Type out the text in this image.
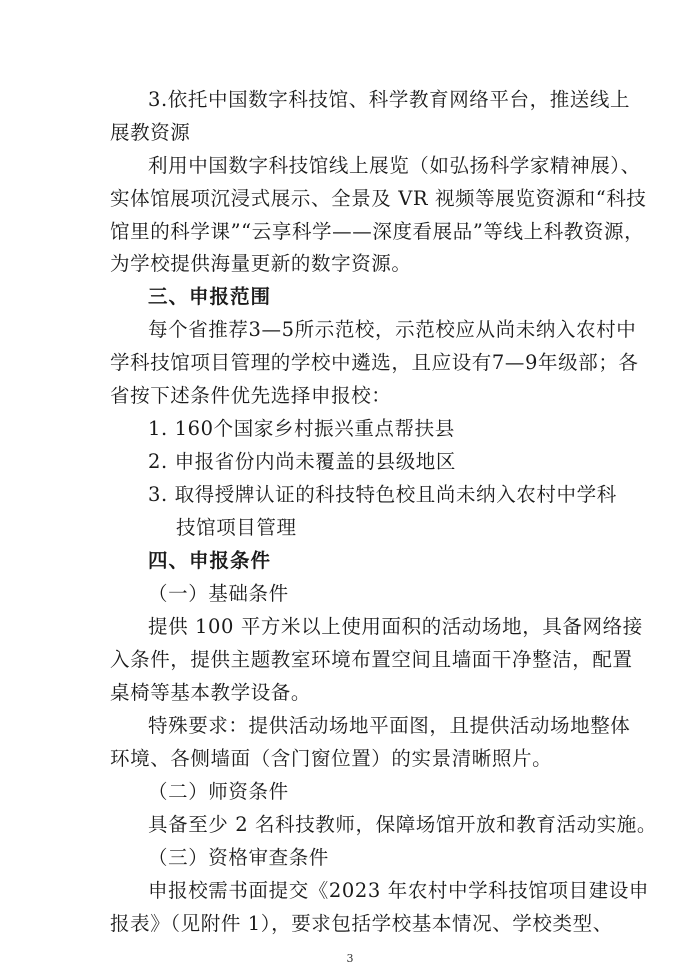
3.依托中国数字科技馆、科学教育网络平台，推送线上
展教资源
利用中国数字科技馆线上展览（如弘扬科学家精神展）、
实体馆展项沉浸式展示、全景及 VR 视频等展览资源和“科技
馆里的科学课”“云享科学——深度看展品”等线上科教资源，
为学校提供海量更新的数字资源。
三、申报范围
每个省推荐3—5所示范校，示范校应从尚未纳入农村中
学科技馆项目管理的学校中遴选，且应设有7—9年级部；各
省按下述条件优先选择申报校：
1. 160个国家乡村振兴重点帮扶县
2. 申报省份内尚未覆盖的县级地区
3. 取得授牌认证的科技特色校且尚未纳入农村中学科
技馆项目管理
四、申报条件
（一）基础条件
提供 100 平方米以上使用面积的活动场地，具备网络接
入条件，提供主题教室环境布置空间且墙面干净整洁，配置
桌椅等基本教学设备。
特殊要求：提供活动场地平面图，且提供活动场地整体
环境、各侧墙面（含门窗位置）的实景清晰照片。
（二）师资条件
具备至少 2 名科技教师，保障场馆开放和教育活动实施。
（三）资格审查条件
申报校需书面提交《2023 年农村中学科技馆项目建设申
报表》（见附件 1），要求包括学校基本情况、学校类型、
3
